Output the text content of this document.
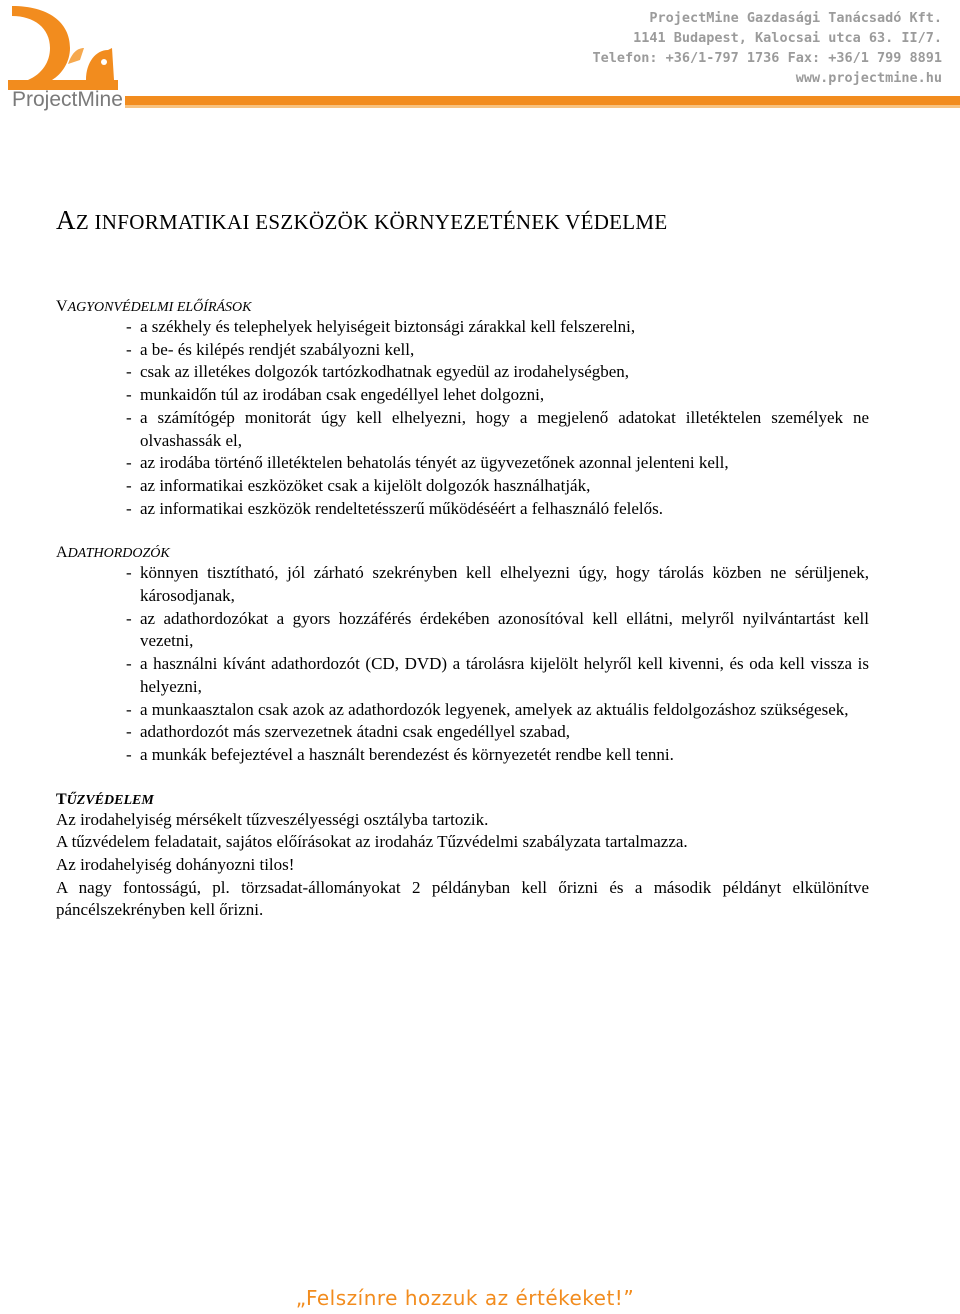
ProjectMine
ProjectMine Gazdasági Tanácsadó Kft.
1141 Budapest, Kalocsai utca 63. II/7.
Telefon: +36/1-797 1736 Fax: +36/1 799 8891
www.projectmine.hu
AZ INFORMATIKAI ESZKÖZÖK KÖRNYEZETÉNEK VÉDELME

VAGYONVÉDELMI ELŐÍRÁSOK

- a székhely és telephelyek helyiségeit biztonsági zárakkal kell felszerelni,
- a be- és kilépés rendjét szabályozni kell,
- csak az illetékes dolgozók tartózkodhatnak egyedül az irodahelységben,
- munkaidőn túl az irodában csak engedéllyel lehet dolgozni,
- a számítógép monitorát úgy kell elhelyezni, hogy a megjelenő adatokat illetéktelen személyek ne olvashassák el,
- az irodába történő illetéktelen behatolás tényét az ügyvezetőnek azonnal jelenteni kell,
- az informatikai eszközöket csak a kijelölt dolgozók használhatják,
- az informatikai eszközök rendeltetésszerű működéséért a felhasználó felelős.

ADATHORDOZÓK

- könnyen tisztítható, jól zárható szekrényben kell elhelyezni úgy, hogy tárolás közben ne sérüljenek, károsodjanak,
- az adathordozókat a gyors hozzáférés érdekében azonosítóval kell ellátni, melyről nyilvántartást kell vezetni,
- a használni kívánt adathordozót (CD, DVD) a tárolásra kijelölt helyről kell kivenni, és oda kell vissza is helyezni,
- a munkaasztalon csak azok az adathordozók legyenek, amelyek az aktuális feldolgozáshoz szükségesek,
- adathordozót más szervezetnek átadni csak engedéllyel szabad,
- a munkák befejeztével a használt berendezést és környezetét rendbe kell tenni.

TŰZVÉDELEM

Az irodahelyiség mérsékelt tűzveszélyességi osztályba tartozik.

A tűzvédelem feladatait, sajátos előírásokat az irodaház Tűzvédelmi szabályzata tartalmazza.

Az irodahelyiség dohányozni tilos!

A nagy fontosságú, pl. törzsadat-állományokat 2 példányban kell őrizni és a második példányt elkülönítve páncélszekrényben kell őrizni.

„Felszínre hozzuk az értékeket!”
